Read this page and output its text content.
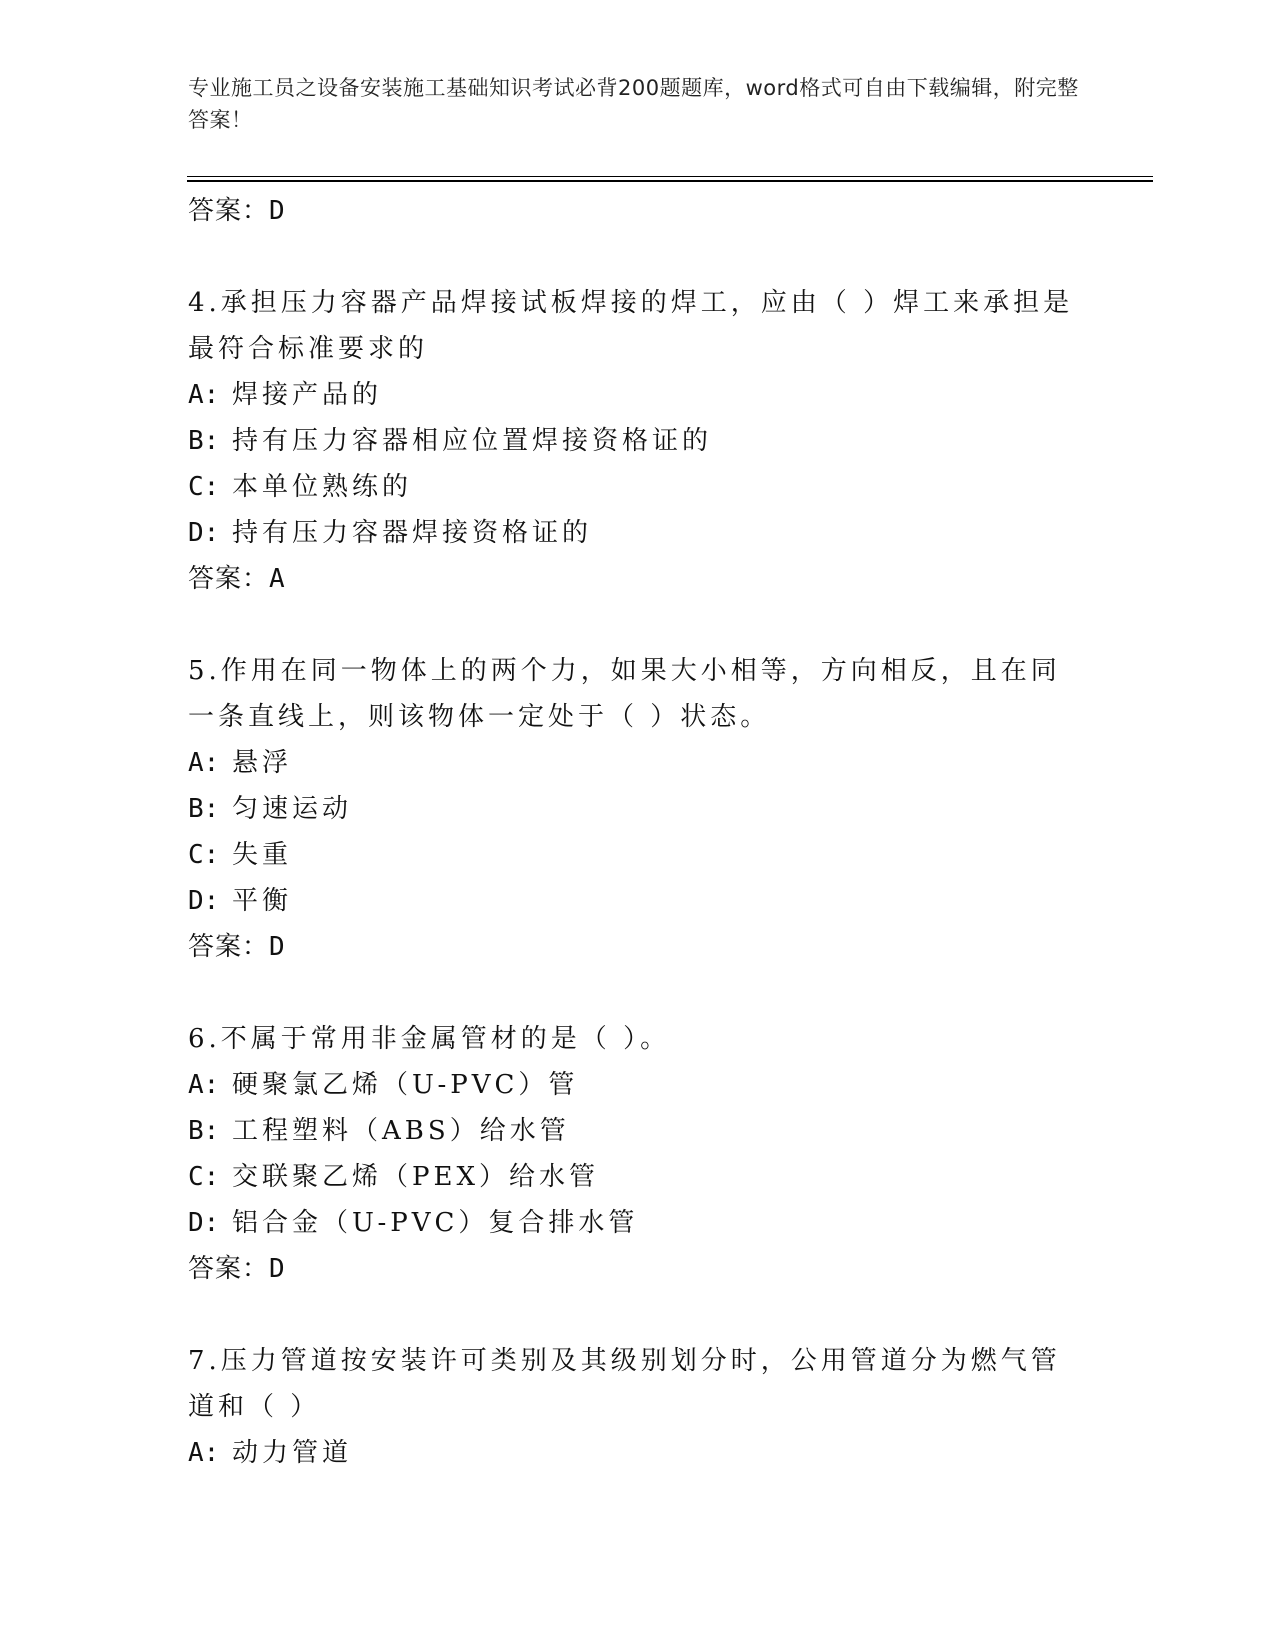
专业施工员之设备安装施工基础知识考试必背200题题库，word格式可自由下载编辑，附完整答案！
答案：D
4.承担压力容器产品焊接试板焊接的焊工，应由（ ）焊工来承担是最符合标准要求的
A: 焊接产品的
B: 持有压力容器相应位置焊接资格证的
C: 本单位熟练的
D: 持有压力容器焊接资格证的
答案：A
5.作用在同一物体上的两个力，如果大小相等，方向相反，且在同一条直线上，则该物体一定处于（ ）状态。
A: 悬浮
B: 匀速运动
C: 失重
D: 平衡
答案：D
6.不属于常用非金属管材的是（ ）。
A: 硬聚氯乙烯（U-PVC）管
B: 工程塑料（ABS）给水管
C: 交联聚乙烯（PEX）给水管
D: 铝合金（U-PVC）复合排水管
答案：D
7.压力管道按安装许可类别及其级别划分时，公用管道分为燃气管道和（ ）
A: 动力管道
